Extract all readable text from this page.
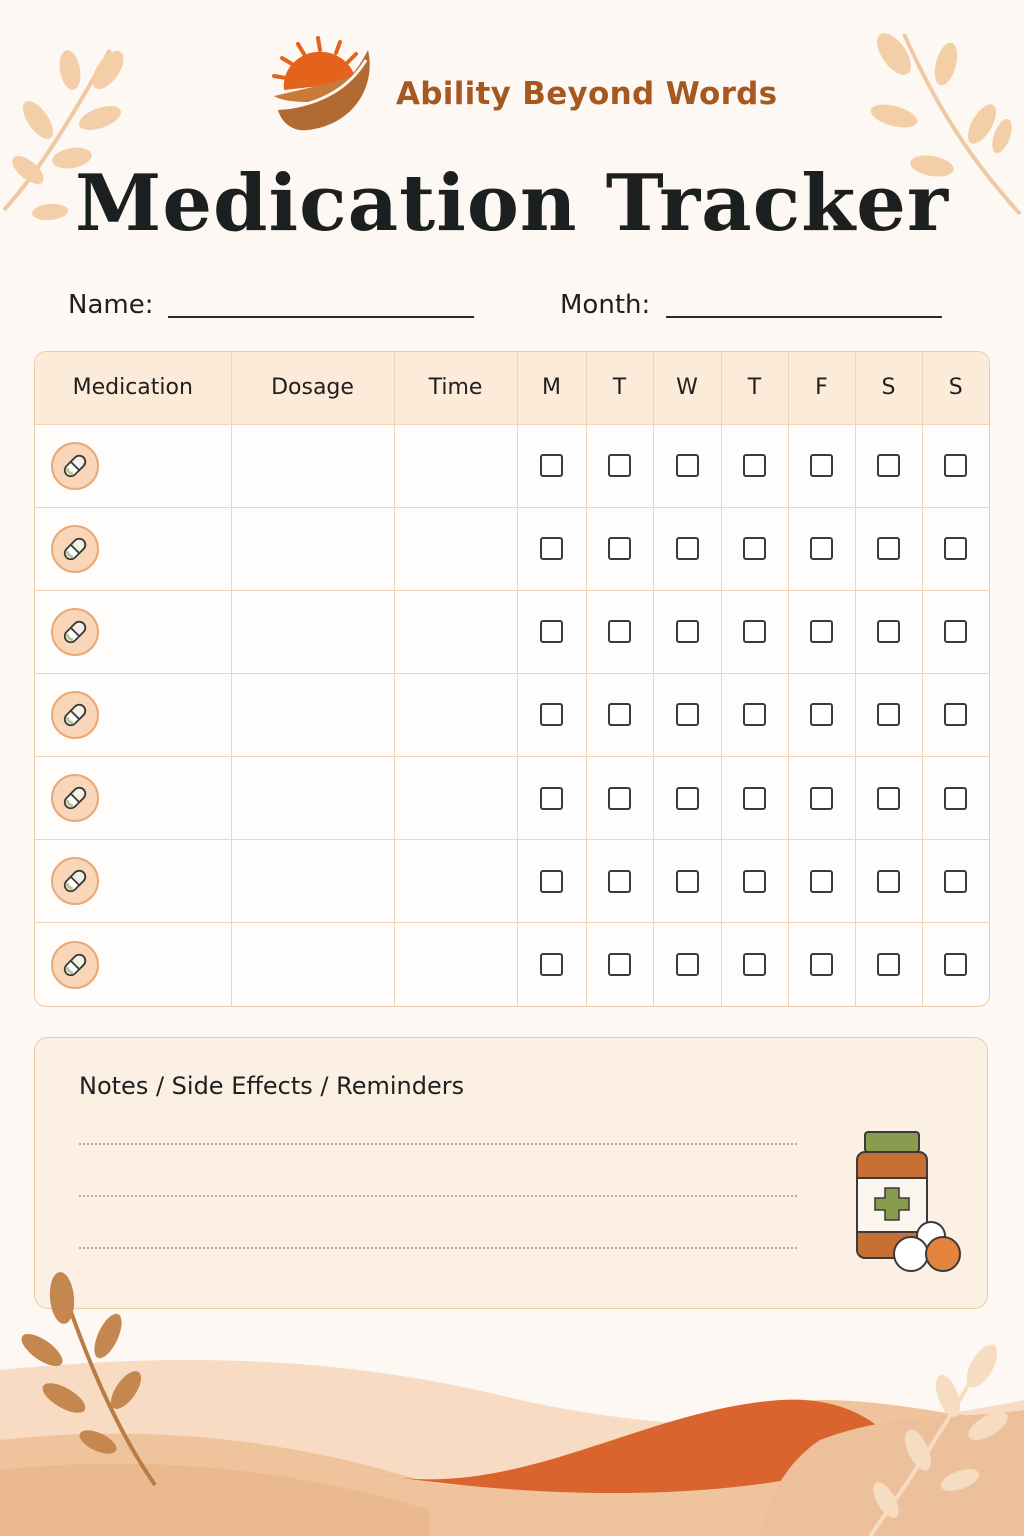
Ability Beyond Words
Medication Tracker
Name:	Month:
Medication	Dosage	Time	M	T	W	T	F	S	S

Notes / Side Effects / Reminders
